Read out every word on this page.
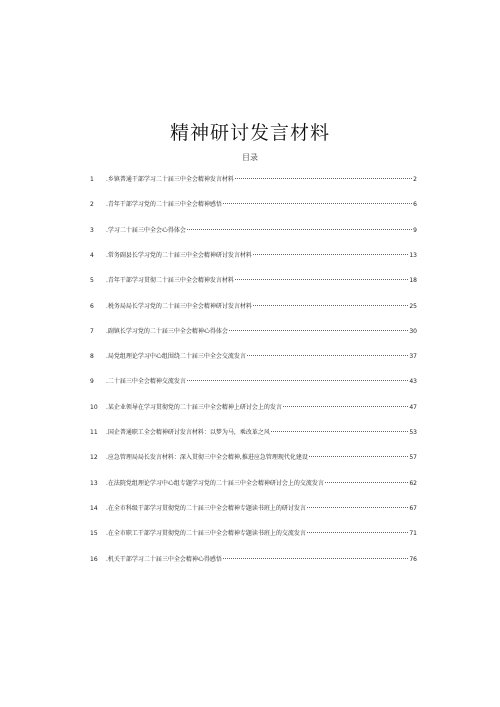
精神研讨发言材料
目录
1	.乡镇普通干部学习二十届三中全会精神发言材料	2
2	.青年干部学习党的二十届三中全会精神感悟	6
3	.学习二十届三中全会心得体会	9
4	.常务副县长学习党的二十届三中全会精神研讨发言材料	13
5	.青年干部学习贯彻二十届三中全会精神发言材料	18
6	.税务局局长学习党的二十届三中全会精神研讨发言材料	25
7	.副镇长学习党的二十届三中全会精神心得体会	30
8	.局党组理论学习中心组围绕二十届三中全会交流发言	37
9	.二十届三中全会精神交流发言	43
10	.某企业领导在学习贯彻党的二十届三中全会精神上研讨会上的发言	47
11	.国企普通职工全会精神研讨发言材料：以梦为马，乘改革之风	53
12	.应急管理局局长发言材料：深入贯彻三中全会精神,推进应急管理现代化建设	57
13	.在法院党组理论学习中心组专题学习党的二十届三中全会精神研讨会上的交流发言	62
14	.在全市科级干部学习贯彻党的二十届三中全会精神专题读书班上的研讨发言	67
15	.在全市职工干部学习贯彻党的二十届三中全会精神专题读书班上的交流发言	71
16	.机关干部学习二十届三中全会精神心得感悟	76
